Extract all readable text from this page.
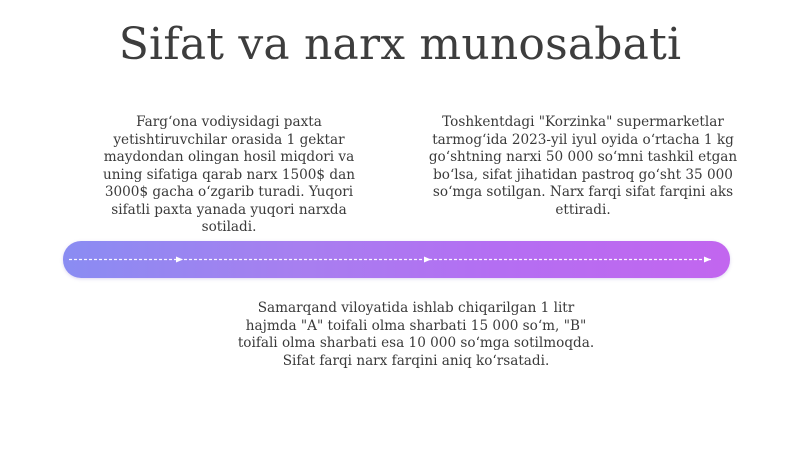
Sifat va narx munosabati

Farg‘ona vodiysidagi paxta yetishtiruvchilar orasida 1 gektar maydondan olingan hosil miqdori va uning sifatiga qarab narx 1500$ dan 3000$ gacha o‘zgarib turadi. Yuqori sifatli paxta yanada yuqori narxda sotiladi.

Toshkentdagi "Korzinka" supermarketlar tarmog‘ida 2023-yil iyul oyida o‘rtacha 1 kg go‘shtning narxi 50 000 so‘mni tashkil etgan bo‘lsa, sifat jihatidan pastroq go‘sht 35 000 so‘mga sotilgan. Narx farqi sifat farqini aks ettiradi.

Samarqand viloyatida ishlab chiqarilgan 1 litr hajmda "A" toifali olma sharbati 15 000 so‘m, "B" toifali olma sharbati esa 10 000 so‘mga sotilmoqda. Sifat farqi narx farqini aniq ko‘rsatadi.
